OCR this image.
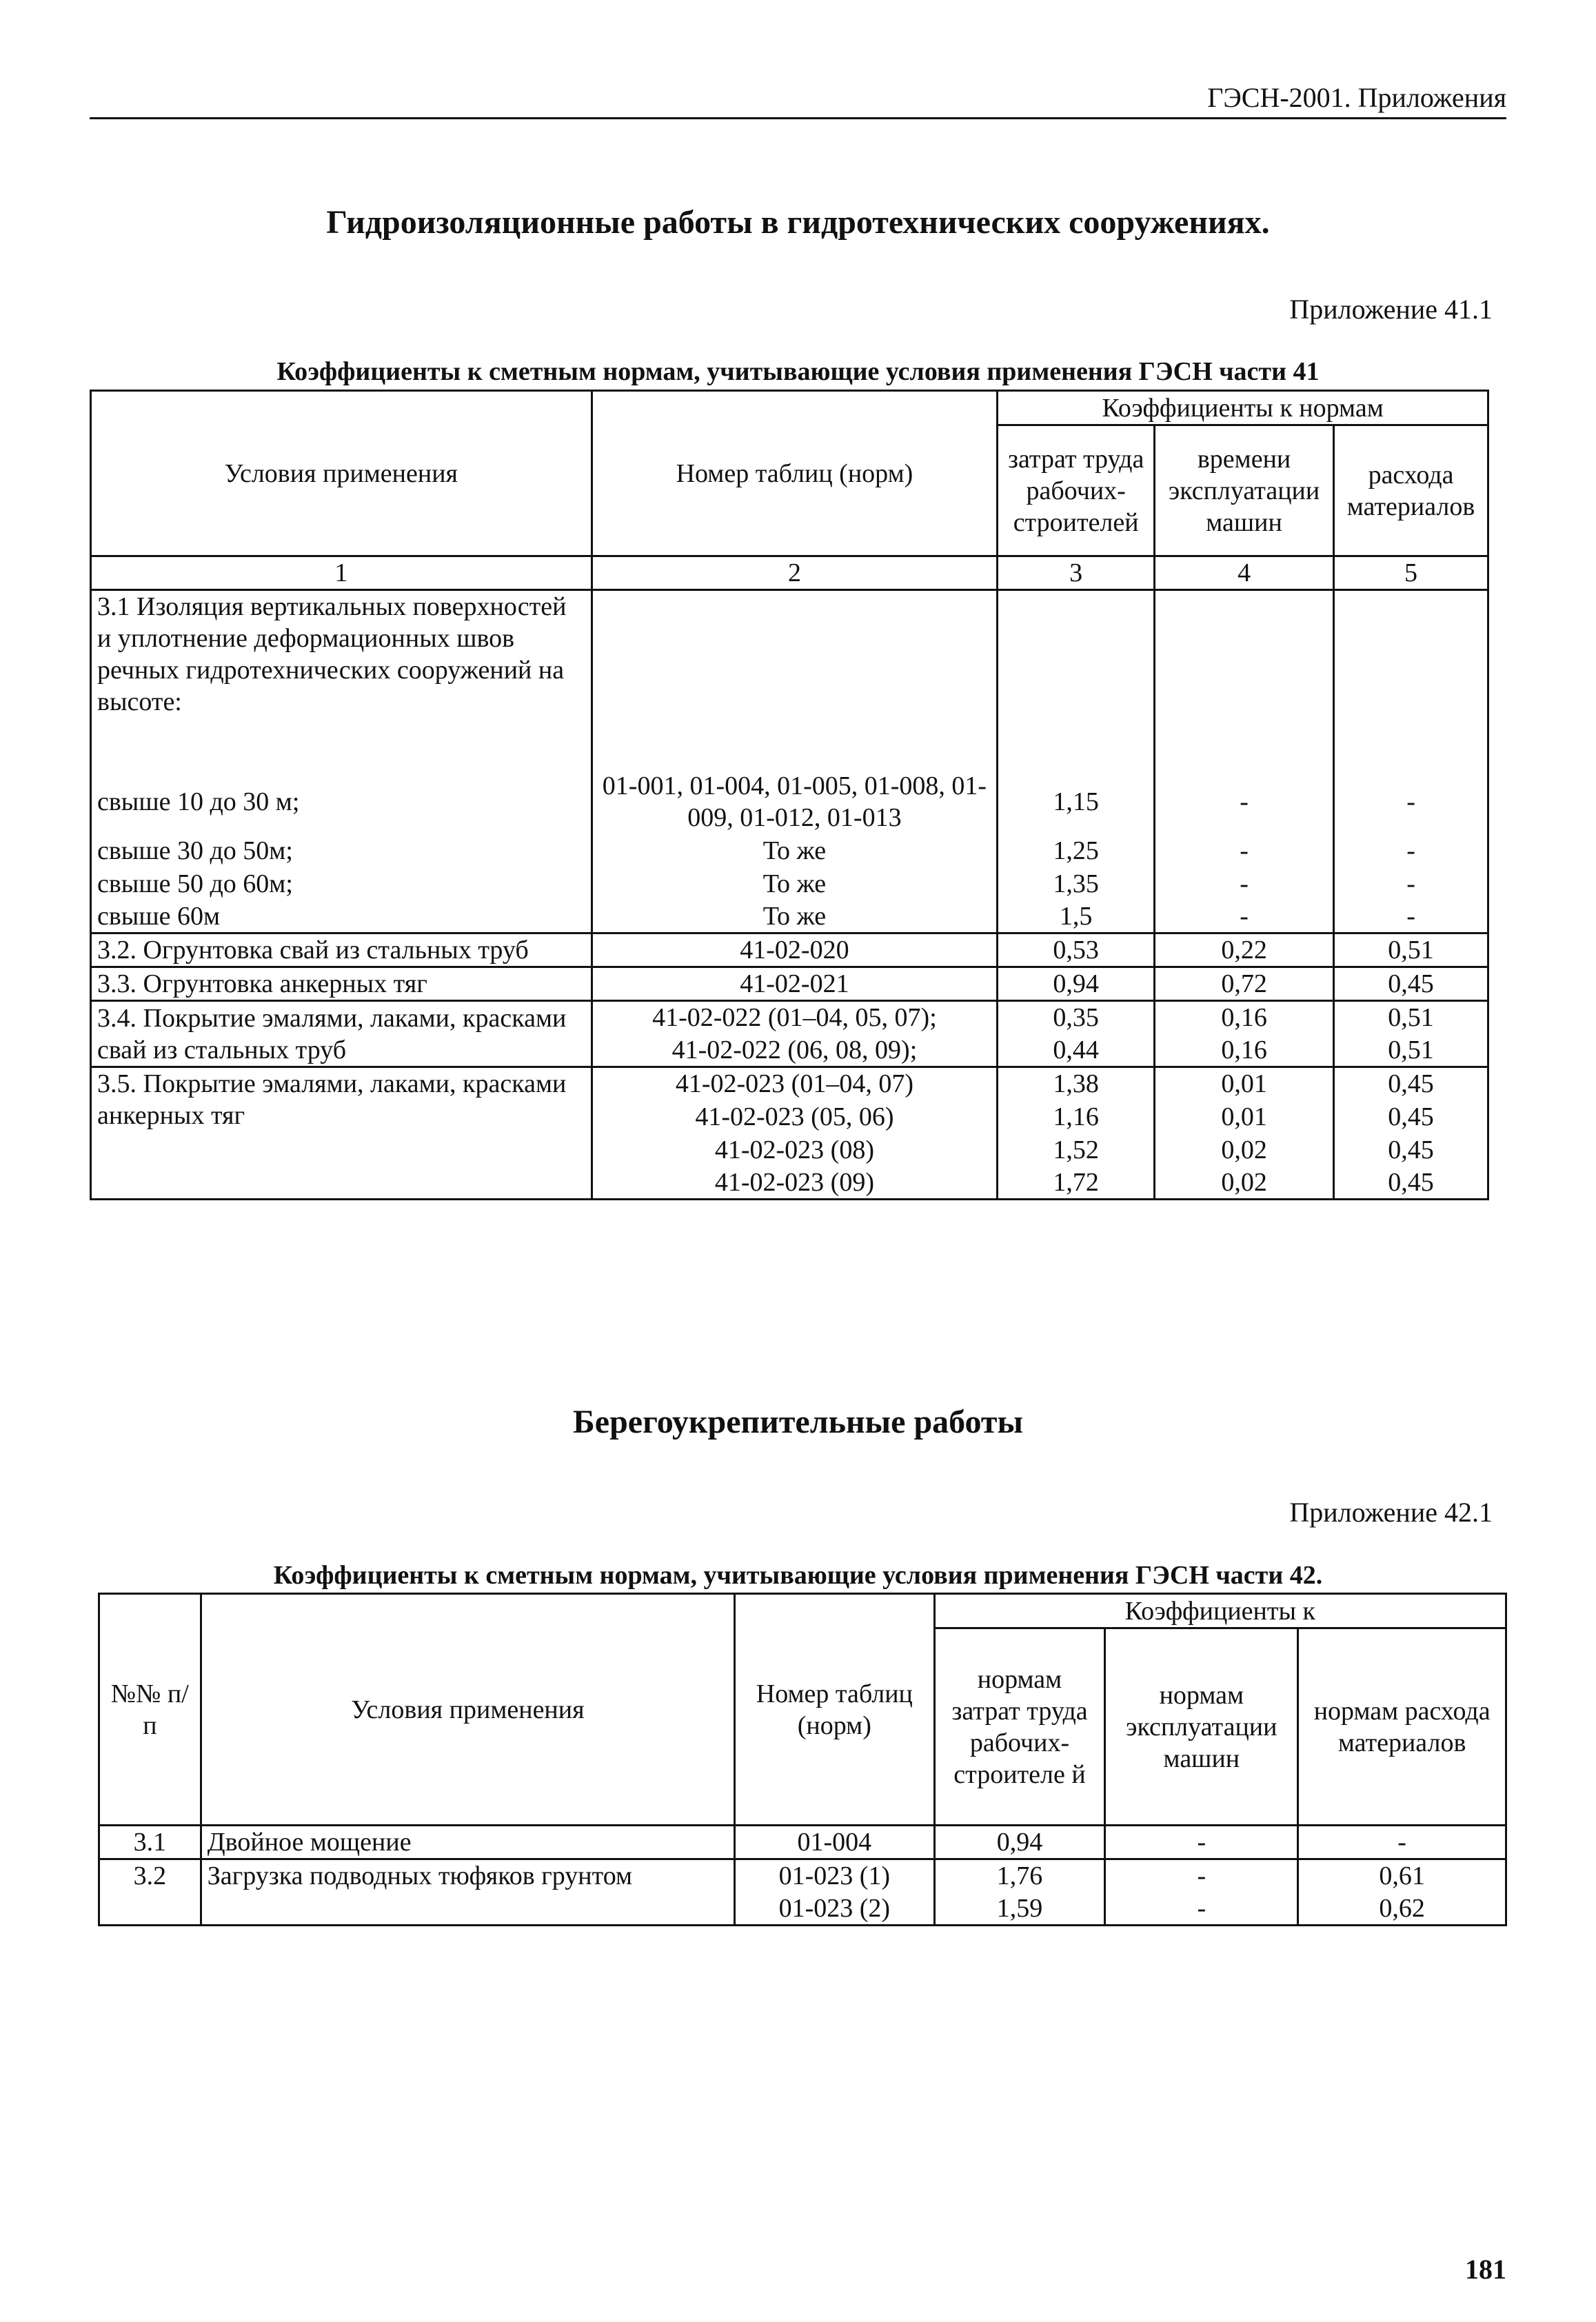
ГЭСН-2001. Приложения
Гидроизоляционные работы в гидротехнических сооружениях.
Приложение 41.1
Коэффициенты к сметным нормам, учитывающие условия применения ГЭСН части 41
Условия применения	Номер таблиц (норм)	Коэффициенты к нормам		
		затрат труда рабочих-строителей	времени эксплуатации машин	расхода материалов
1	2	3	4	5
3.1 Изоляция вертикальных поверхностей и уплотнение деформационных швов речных гидротехнических сооружений на высоте:				
свыше 10 до 30 м;	01-001, 01-004, 01-005, 01-008, 01-009, 01-012, 01-013	1,15	-	-
свыше 30 до 50м;	То же	1,25	-	-
свыше 50 до 60м;	То же	1,35	-	-
свыше 60м	То же	1,5	-	-
3.2. Огрунтовка свай из стальных труб	41-02-020	0,53	0,22	0,51
3.3. Огрунтовка анкерных тяг	41-02-021	0,94	0,72	0,45
3.4. Покрытие эмалями, лаками, красками свай из стальных труб	41-02-022 (01–04, 05, 07);	0,35	0,16	0,51
	41-02-022 (06, 08, 09);	0,44	0,16	0,51
3.5. Покрытие эмалями, лаками, красками анкерных тяг	41-02-023 (01–04, 07)	1,38	0,01	0,45
	41-02-023 (05, 06)	1,16	0,01	0,45
	41-02-023 (08)	1,52	0,02	0,45
	41-02-023 (09)	1,72	0,02	0,45
Берегоукрепительные работы
Приложение 42.1
Коэффициенты к сметным нормам, учитывающие условия применения ГЭСН части 42.
№№ п/п	Условия применения	Номер таблиц (норм)	Коэффициенты к		
			нормам затрат труда рабочих-строителе й	нормам эксплуатации машин	нормам расхода материалов
3.1	Двойное мощение	01-004	0,94	-	-
3.2	Загрузка подводных тюфяков грунтом	01-023 (1)	1,76	-	0,61
		01-023 (2)	1,59	-	0,62
181
